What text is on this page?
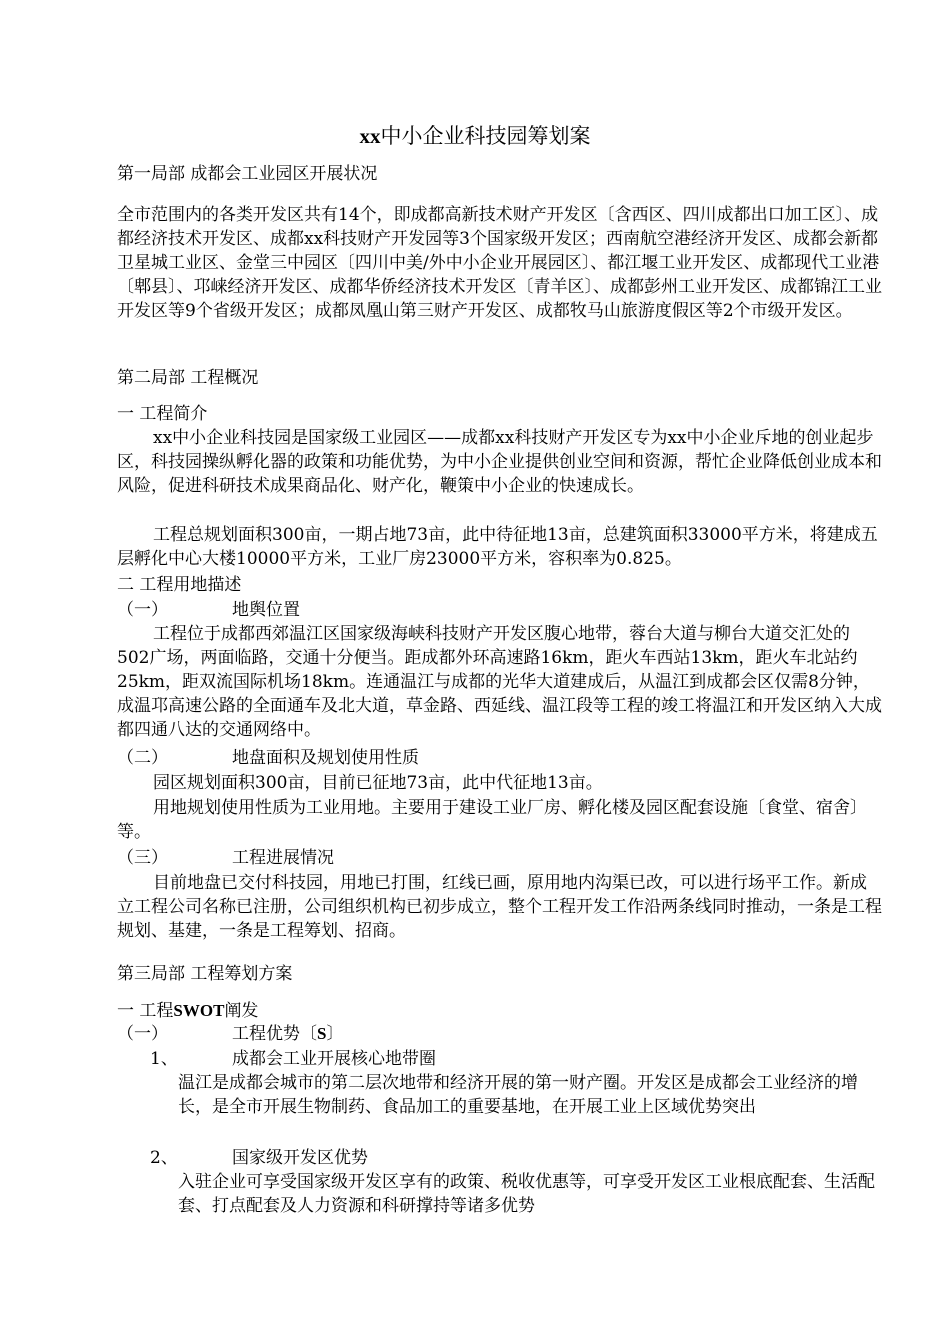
xx中小企业科技园筹划案
第一局部 成都会工业园区开展状况

全市范围内的各类开发区共有14个，即成都高新技术财产开发区〔含西区、四川成都出口加工区〕、成都经济技术开发区、成都xx科技财产开发园等3个国家级开发区；西南航空港经济开发区、成都会新都卫星城工业区、金堂三中园区〔四川中美/外中小企业开展园区〕、都江堰工业开发区、成都现代工业港〔郫县〕、邛崃经济开发区、成都华侨经济技术开发区〔青羊区〕、成都彭州工业开发区、成都锦江工业开发区等9个省级开发区；成都凤凰山第三财产开发区、成都牧马山旅游度假区等2个市级开发区。

第二局部 工程概况
一 工程简介

xx中小企业科技园是国家级工业园区——成都xx科技财产开发区专为xx中小企业斥地的创业起步区，科技园操纵孵化器的政策和功能优势，为中小企业提供创业空间和资源，帮忙企业降低创业成本和风险，促进科研技术成果商品化、财产化，鞭策中小企业的快速成长。

工程总规划面积300亩，一期占地73亩，此中待征地13亩，总建筑面积33000平方米，将建成五层孵化中心大楼10000平方米，工业厂房23000平方米，容积率为0.825。

二 工程用地描述
（一）	地舆位置

工程位于成都西郊温江区国家级海峡科技财产开发区腹心地带，蓉台大道与柳台大道交汇处的502广场，两面临路，交通十分便当。距成都外环高速路16km，距火车西站13km，距火车北站约25km，距双流国际机场18km。连通温江与成都的光华大道建成后，从温江到成都会区仅需8分钟，成温邛高速公路的全面通车及北大道，草金路、西延线、温江段等工程的竣工将温江和开发区纳入大成都四通八达的交通网络中。

（二）	地盘面积及规划使用性质

园区规划面积300亩，目前已征地73亩，此中代征地13亩。

用地规划使用性质为工业用地。主要用于建设工业厂房、孵化楼及园区配套设施〔食堂、宿舍〕等。

（三）	工程进展情况

目前地盘已交付科技园，用地已打围，红线已画，原用地内沟渠已改，可以进行场平工作。新成立工程公司名称已注册，公司组织机构已初步成立，整个工程开发工作沿两条线同时推动，一条是工程规划、基建，一条是工程筹划、招商。

第三局部 工程筹划方案
一 工程SWOT阐发
（一）	工程优势〔S〕
1、	成都会工业开展核心地带圈

温江是成都会城市的第二层次地带和经济开展的第一财产圈。开发区是成都会工业经济的增长，是全市开展生物制药、食品加工的重要基地，在开展工业上区域优势突出

2、	国家级开发区优势

入驻企业可享受国家级开发区享有的政策、税收优惠等，可享受开发区工业根底配套、生活配套、打点配套及人力资源和科研撑持等诸多优势
